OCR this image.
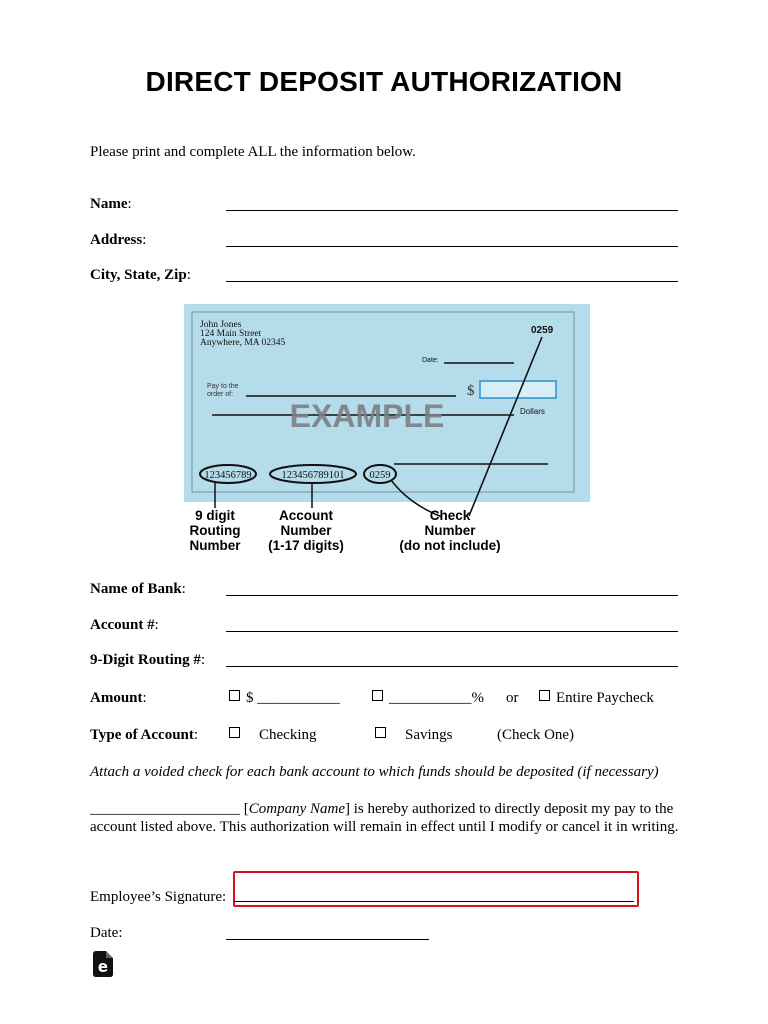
DIRECT DEPOSIT AUTHORIZATION
Please print and complete ALL the information below.
Name:
Address:
City, State, Zip:
John Jones
124 Main Street
Anywhere, MA 02345
0259
Date:
Pay to the
order of:	$
Dollars
EXAMPLE
123456789	123456789101 0259
9 digit
Routing
Number
Account
Number
(1-17 digits)
Check
Number
(do not include)
Name of Bank:
Account #:
9-Digit Routing #:
Amount:	$ ___________	___________% or	Entire Paycheck
Type of Account:	Checking	Savings	(Check One)
Attach a voided check for each bank account to which funds should be deposited (if necessary)
____________________ [Company Name] is hereby authorized to directly deposit my pay to the account listed above. This authorization will remain in effect until I modify or cancel it in writing.
Employee’s Signature:
Date:
